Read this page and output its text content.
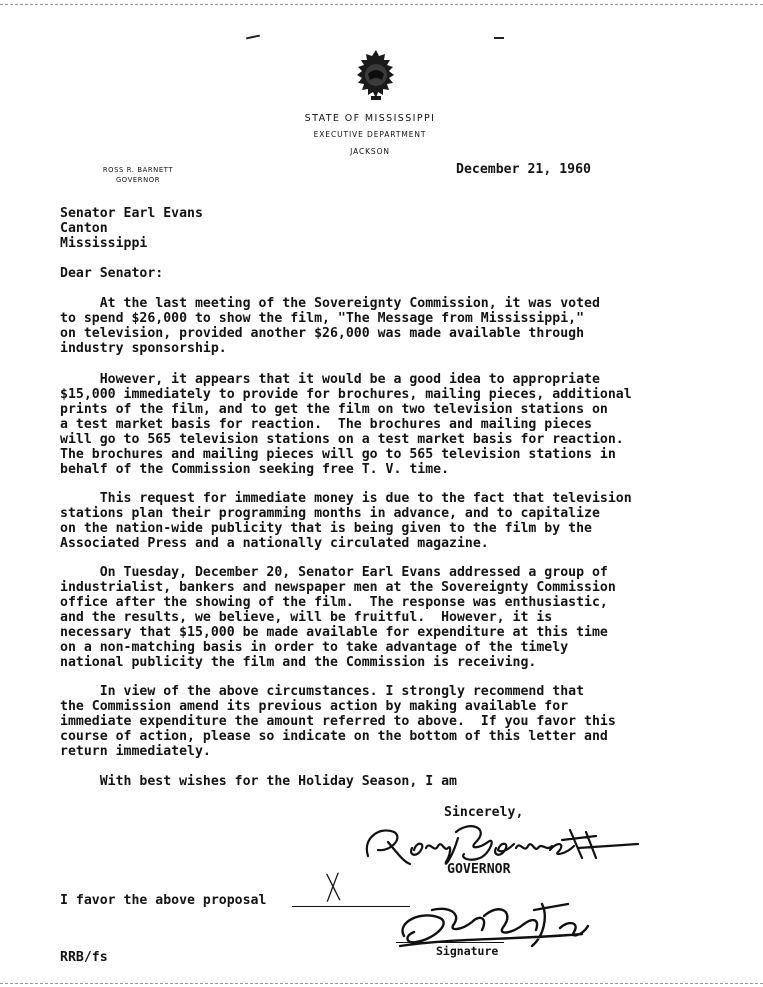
STATE OF MISSISSIPPI
EXECUTIVE DEPARTMENT
JACKSON
ROSS R. BARNETT
GOVERNOR
December 21, 1960
Senator Earl Evans
Canton
Mississippi
Dear Senator:
At the last meeting of the Sovereignty Commission, it was voted
to spend $26,000 to show the film, "The Message from Mississippi,"
on television, provided another $26,000 was made available through
industry sponsorship.
However, it appears that it would be a good idea to appropriate
$15,000 immediately to provide for brochures, mailing pieces, additional
prints of the film, and to get the film on two television stations on
a test market basis for reaction.  The brochures and mailing pieces
will go to 565 television stations on a test market basis for reaction.
The brochures and mailing pieces will go to 565 television stations in
behalf of the Commission seeking free T. V. time.
This request for immediate money is due to the fact that television
stations plan their programming months in advance, and to capitalize
on the nation-wide publicity that is being given to the film by the
Associated Press and a nationally circulated magazine.
On Tuesday, December 20, Senator Earl Evans addressed a group of
industrialist, bankers and newspaper men at the Sovereignty Commission
office after the showing of the film.  The response was enthusiastic,
and the results, we believe, will be fruitful.  However, it is
necessary that $15,000 be made available for expenditure at this time
on a non-matching basis in order to take advantage of the timely
national publicity the film and the Commission is receiving.
In view of the above circumstances. I strongly recommend that
the Commission amend its previous action by making available for
immediate expenditure the amount referred to above.  If you favor this
course of action, please so indicate on the bottom of this letter and
return immediately.
With best wishes for the Holiday Season, I am
Sincerely,
GOVERNOR
I favor the above proposal X
Signature
RRB/fs
